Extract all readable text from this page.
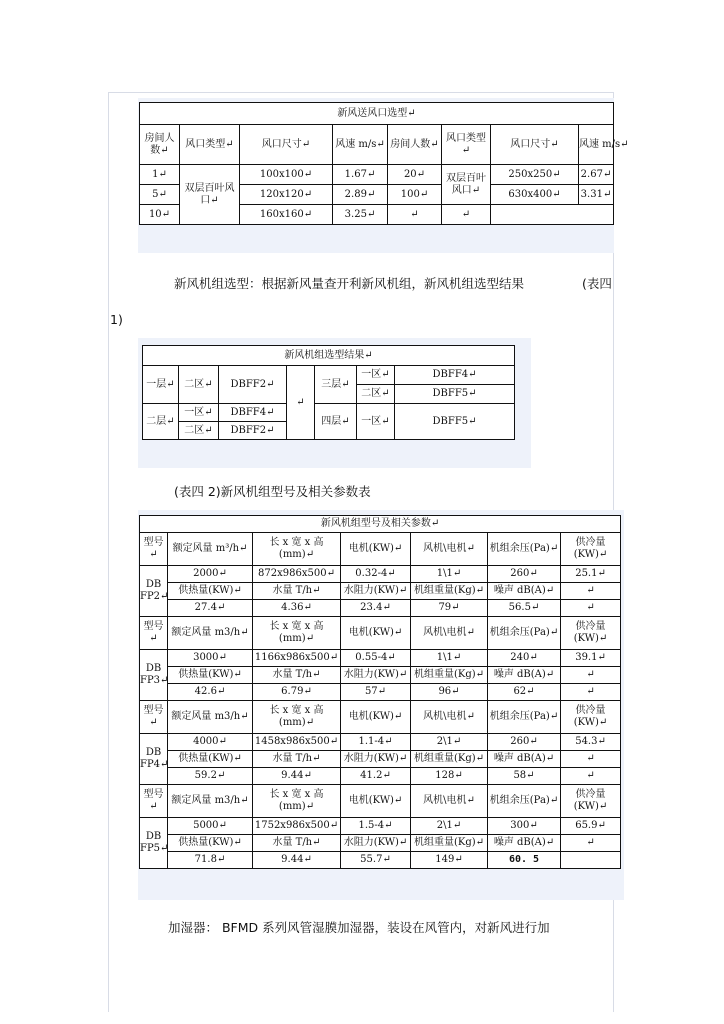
新风送风口选型↵							
房间人数↵	风口类型↵	风口尺寸↵	风速 m/s↵	房间人数↵	风口类型↵	风口尺寸↵	风速 m/s↵
1↵	双层百叶风口↵	100x100↵	1.67↵	20↵	双层百叶风口↵	250x250↵	2.67↵
5↵		120x120↵	2.89↵	100↵		630x400↵	3.31↵
10↵		160x160↵	3.25↵	↵	↵		
新风机组选型：根据新风量查开利新风机组，新风机组选型结果	(表四
1)
新风机组选型结果↵						
一层↵	二区↵	DBFF2↵	↵	三层↵	一区↵	DBFF4↵
					二区↵	DBFF5↵
二层↵	一区↵	DBFF4↵		四层↵	一区↵	DBFF5↵
	二区↵	DBFF2↵				
(表四 2)新风机组型号及相关参数表
新风机组型号及相关参数↵						
型号↵	额定风量 m³/h↵	长 x 宽 x 高(mm)↵	电机(KW)↵	风机\电机↵	机组余压(Pa)↵	供冷量(KW)↵
DB FP2↵	2000↵	872x986x500↵	0.32-4↵	1\1↵	260↵	25.1↵
	供热量(KW)↵	水量 T/h↵	水阻力(KW)↵	机组重量(Kg)↵	噪声 dB(A)↵	↵
	27.4↵	4.36↵	23.4↵	79↵	56.5↵	↵
型号↵	额定风量 m3/h↵	长 x 宽 x 高(mm)↵	电机(KW)↵	风机\电机↵	机组余压(Pa)↵	供冷量(KW)↵
DB FP3↵	3000↵	1166x986x500↵	0.55-4↵	1\1↵	240↵	39.1↵
	供热量(KW)↵	水量 T/h↵	水阻力(KW)↵	机组重量(Kg)↵	噪声 dB(A)↵	↵
	42.6↵	6.79↵	57↵	96↵	62↵	↵
型号↵	额定风量 m3/h↵	长 x 宽 x 高(mm)↵	电机(KW)↵	风机\电机↵	机组余压(Pa)↵	供冷量(KW)↵
DB FP4↵	4000↵	1458x986x500↵	1.1-4↵	2\1↵	260↵	54.3↵
	供热量(KW)↵	水量 T/h↵	水阻力(KW)↵	机组重量(Kg)↵	噪声 dB(A)↵	↵
	59.2↵	9.44↵	41.2↵	128↵	58↵	↵
型号↵	额定风量 m3/h↵	长 x 宽 x 高(mm)↵	电机(KW)↵	风机\电机↵	机组余压(Pa)↵	供冷量(KW)↵
DB FP5↵	5000↵	1752x986x500↵	1.5-4↵	2\1↵	300↵	65.9↵
	供热量(KW)↵	水量 T/h↵	水阻力(KW)↵	机组重量(Kg)↵	噪声 dB(A)↵	↵
	71.8↵	9.44↵	55.7↵	149↵	60. 5	
加湿器： BFMD 系列风管湿膜加湿器，装设在风管内，对新风进行加
